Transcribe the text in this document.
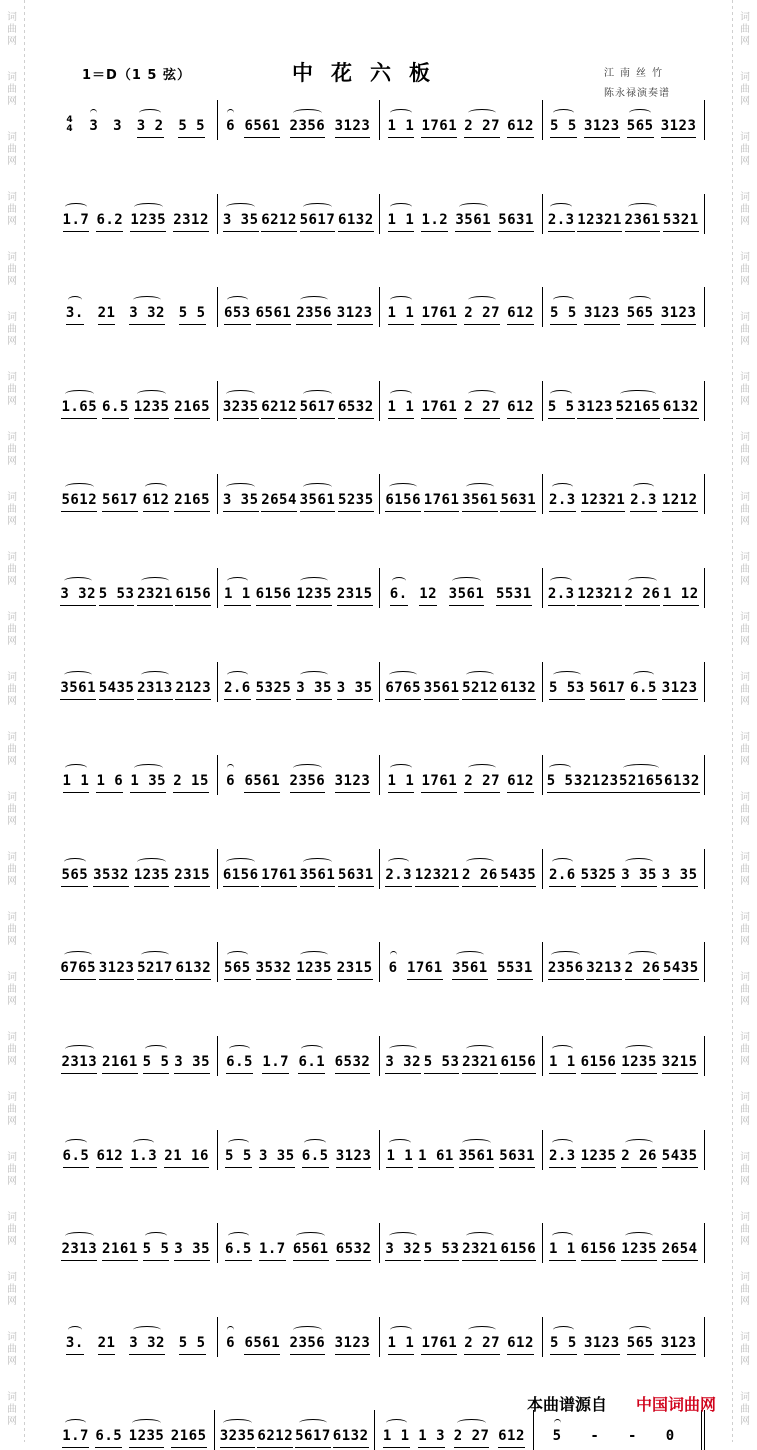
词
曲
网
词
曲
网
词
曲
网
词
曲
网
词
曲
网
词
曲
网
词
曲
网
词
曲
网
词
曲
网
词
曲
网
词
曲
网
词
曲
网
词
曲
网
词
曲
网
词
曲
网
词
曲
网
词
曲
网
词
曲
网
词
曲
网
词
曲
网
词
曲
网
词
曲
网
词
曲
网
词
曲
网
词
曲
网
词
曲
网
词
曲
网
词
曲
网
词
曲
网
词
曲
网
词
曲
网
词
曲
网
词
曲
网
词
曲
网
词
曲
网
词
曲
网
词
曲
网
词
曲
网
词
曲
网
词
曲
网
词
曲
网
词
曲
网
词
曲
网
词
曲
网
词
曲
网
词
曲
网
词
曲
网
词
曲
网
1＝D（1 5 弦）	中花六板	江南丝竹
陈永禄演奏谱
4
4 3 3 3 2 5 5 6 6561 2356 3123 1 1 1761 2 27 612 5 5 3123 565 3123
1.7 6.2 1235 2312 3 35 6212 5617 6132 1 1 1.2 3561 5631 2.3 12321 2361 5321
3. 21 3 32 5 5 653 6561 2356 3123 1 1 1761 2 27 612 5 5 3123 565 3123
1.65 6.5 1235 2165 3235 6212 5617 6532 1 1 1761 2 27 612 5 5 3123 52165 6132
5612 5617 612 2165 3 35 2654 3561 5235 6156 1761 3561 5631 2.3 12321 2.3 1212
3 32 5 53 2321 6156 1 1 6156 1235 2315 6. 12 3561 5531 2.3 12321 2 26 1 12
3561 5435 2313 2123 2.6 5325 3 35 3 35 6765 3561 5212 6132 5 53 5617 6.5 3123
1 1 1 6 1 35 2 15 6 6561 2356 3123 1 1 1761 2 27 612 5 5 32123 52165 6132
565 3532 1235 2315 6156 1761 3561 5631 2.3 12321 2 26 5435 2.6 5325 3 35 3 35
6765 3123 5217 6132 565 3532 1235 2315 6 1761 3561 5531 2356 3213 2 26 5435
2313 2161 5 5 3 35 6.5 1.7 6.1 6532 3 32 5 53 2321 6156 1 1 6156 1235 3215
6.5 612 1.3 21 16 5 5 3 35 6.5 3123 1 1 1 61 3561 5631 2.3 1235 2 26 5435
2313 2161 5 5 3 35 6.5 1.7 6561 6532 3 32 5 53 2321 6156 1 1 6156 1235 2654
3. 21 3 32 5 5 6 6561 2356 3123 1 1 1761 2 27 612 5 5 3123 565 3123
1.7 6.5 1235 2165 3235 6212 5617 6132 1 1 1 3 2 27 612 5 - - 0
本曲谱源自 中国词曲网
